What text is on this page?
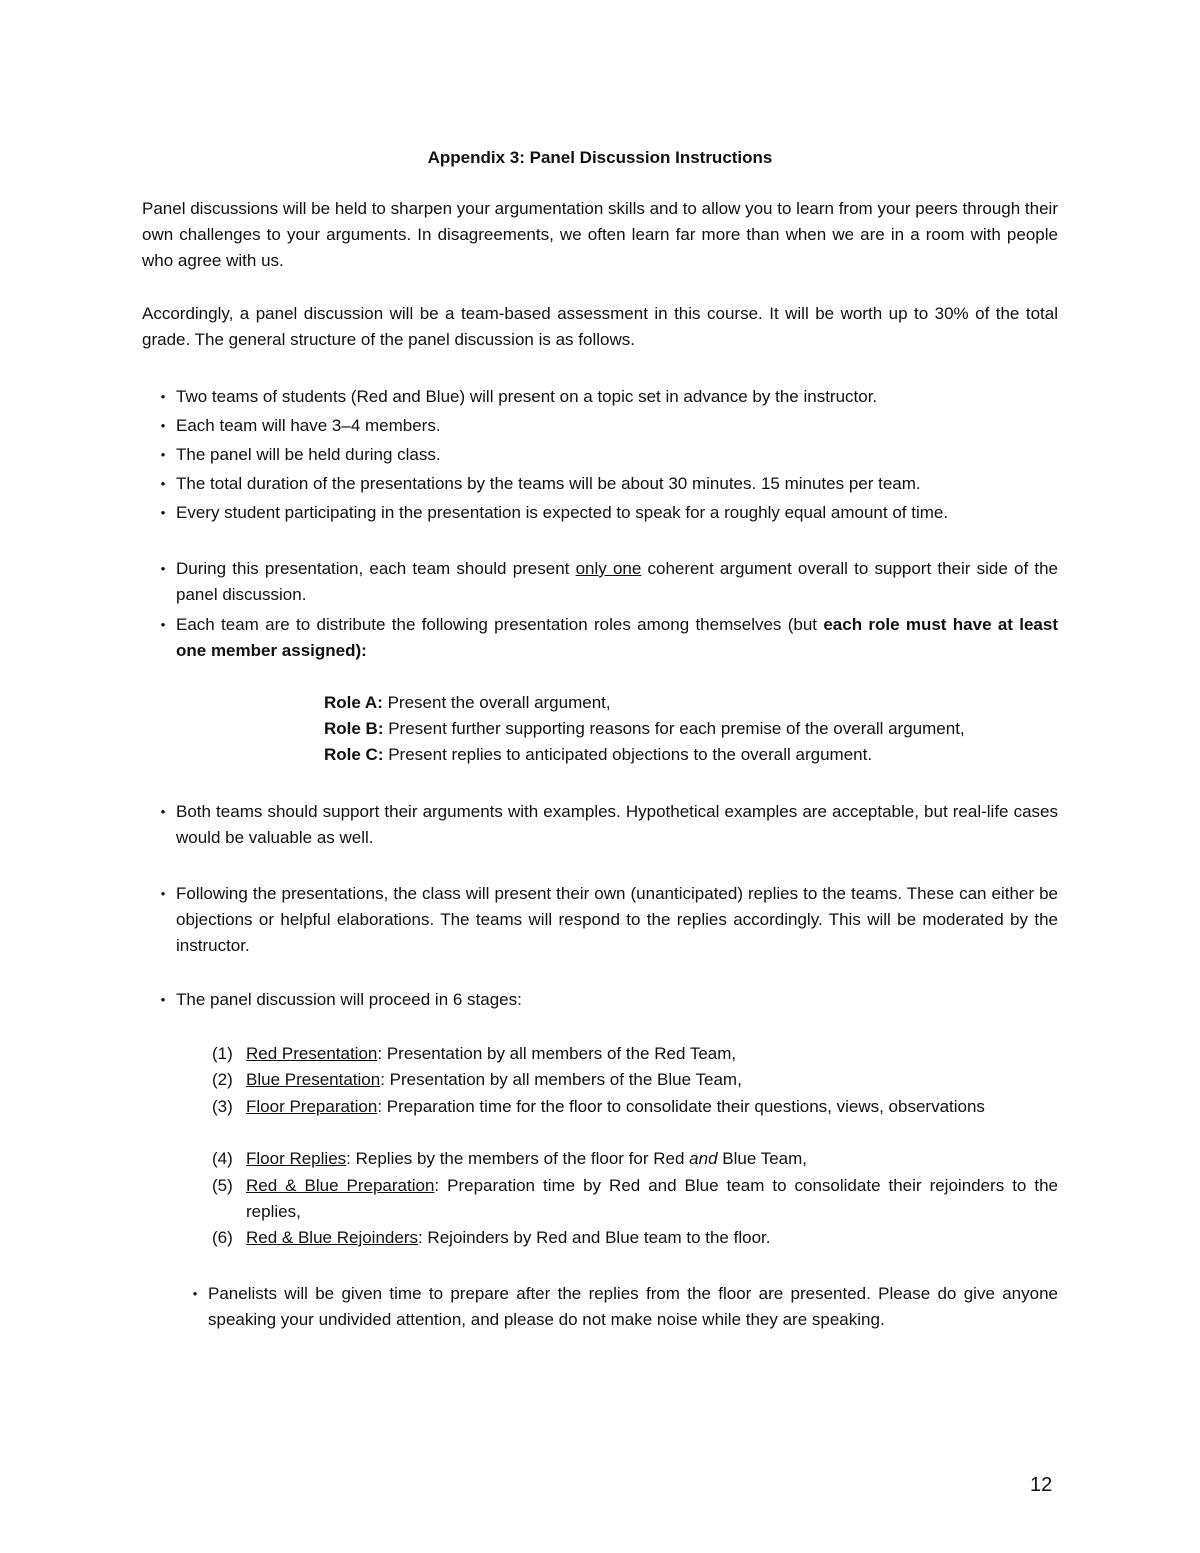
Appendix 3: Panel Discussion Instructions

Panel discussions will be held to sharpen your argumentation skills and to allow you to learn from your peers through their own challenges to your arguments. In disagreements, we often learn far more than when we are in a room with people who agree with us.

Accordingly, a panel discussion will be a team-based assessment in this course. It will be worth up to 30% of the total grade. The general structure of the panel discussion is as follows.

• Two teams of students (Red and Blue) will present on a topic set in advance by the instructor.
• Each team will have 3–4 members.
• The panel will be held during class.
• The total duration of the presentations by the teams will be about 30 minutes. 15 minutes per team.
• Every student participating in the presentation is expected to speak for a roughly equal amount of time.
• During this presentation, each team should present only one coherent argument overall to support their side of the panel discussion.
• Each team are to distribute the following presentation roles among themselves (but each role must have at least one member assigned):
Role A: Present the overall argument,
Role B: Present further supporting reasons for each premise of the overall argument,
Role C: Present replies to anticipated objections to the overall argument.
• Both teams should support their arguments with examples. Hypothetical examples are acceptable, but real-life cases would be valuable as well.
• Following the presentations, the class will present their own (unanticipated) replies to the teams. These can either be objections or helpful elaborations. The teams will respond to the replies accordingly. This will be moderated by the instructor.
• The panel discussion will proceed in 6 stages:
(1) Red Presentation: Presentation by all members of the Red Team,
(2) Blue Presentation: Presentation by all members of the Blue Team,
(3) Floor Preparation: Preparation time for the floor to consolidate their questions, views, observations
(4) Floor Replies: Replies by the members of the floor for Red and Blue Team,
(5) Red & Blue Preparation: Preparation time by Red and Blue team to consolidate their rejoinders to the replies,
(6) Red & Blue Rejoinders: Rejoinders by Red and Blue team to the floor.
• Panelists will be given time to prepare after the replies from the floor are presented. Please do give anyone speaking your undivided attention, and please do not make noise while they are speaking.
12
